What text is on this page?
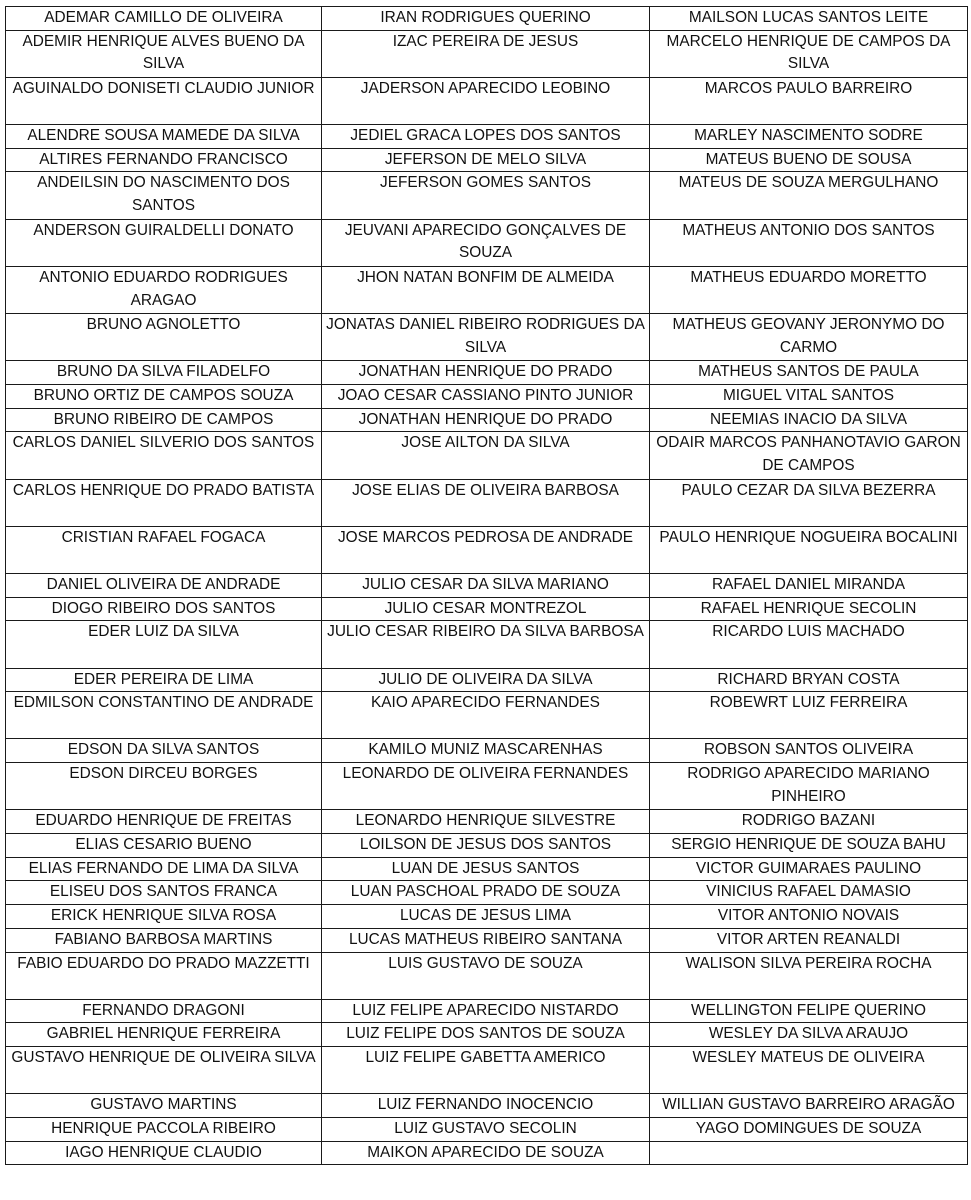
ADEMAR CAMILLO DE OLIVEIRA	IRAN RODRIGUES QUERINO	MAILSON LUCAS SANTOS LEITE
ADEMIR HENRIQUE ALVES BUENO DA SILVA	IZAC PEREIRA DE JESUS	MARCELO HENRIQUE DE CAMPOS DA SILVA
AGUINALDO DONISETI CLAUDIO JUNIOR	JADERSON APARECIDO LEOBINO	MARCOS PAULO BARREIRO
ALENDRE SOUSA MAMEDE DA SILVA	JEDIEL GRACA LOPES DOS SANTOS	MARLEY NASCIMENTO SODRE
ALTIRES FERNANDO FRANCISCO	JEFERSON DE MELO SILVA	MATEUS BUENO DE SOUSA
ANDEILSIN DO NASCIMENTO DOS SANTOS	JEFERSON GOMES SANTOS	MATEUS DE SOUZA MERGULHANO
ANDERSON GUIRALDELLI DONATO	JEUVANI APARECIDO GONÇALVES DE SOUZA	MATHEUS ANTONIO DOS SANTOS
ANTONIO EDUARDO RODRIGUES ARAGAO	JHON NATAN BONFIM DE ALMEIDA	MATHEUS EDUARDO MORETTO
BRUNO AGNOLETTO	JONATAS DANIEL RIBEIRO RODRIGUES DA SILVA	MATHEUS GEOVANY JERONYMO DO CARMO
BRUNO DA SILVA FILADELFO	JONATHAN HENRIQUE DO PRADO	MATHEUS SANTOS DE PAULA
BRUNO ORTIZ DE CAMPOS SOUZA	JOAO CESAR CASSIANO PINTO JUNIOR	MIGUEL VITAL SANTOS
BRUNO RIBEIRO DE CAMPOS	JONATHAN HENRIQUE DO PRADO	NEEMIAS INACIO DA SILVA
CARLOS DANIEL SILVERIO DOS SANTOS	JOSE AILTON DA SILVA	ODAIR MARCOS PANHANOTAVIO GARON DE CAMPOS
CARLOS HENRIQUE DO PRADO BATISTA	JOSE ELIAS DE OLIVEIRA BARBOSA	PAULO CEZAR DA SILVA BEZERRA
CRISTIAN RAFAEL FOGACA	JOSE MARCOS PEDROSA DE ANDRADE	PAULO HENRIQUE NOGUEIRA BOCALINI
DANIEL OLIVEIRA DE ANDRADE	JULIO CESAR DA SILVA MARIANO	RAFAEL DANIEL MIRANDA
DIOGO RIBEIRO DOS SANTOS	JULIO CESAR MONTREZOL	RAFAEL HENRIQUE SECOLIN
EDER LUIZ DA SILVA	JULIO CESAR RIBEIRO DA SILVA BARBOSA	RICARDO LUIS MACHADO
EDER PEREIRA DE LIMA	JULIO DE OLIVEIRA DA SILVA	RICHARD BRYAN COSTA
EDMILSON CONSTANTINO DE ANDRADE	KAIO APARECIDO FERNANDES	ROBEWRT LUIZ FERREIRA
EDSON DA SILVA SANTOS	KAMILO MUNIZ MASCARENHAS	ROBSON SANTOS OLIVEIRA
EDSON DIRCEU BORGES	LEONARDO DE OLIVEIRA FERNANDES	RODRIGO APARECIDO MARIANO PINHEIRO
EDUARDO HENRIQUE DE FREITAS	LEONARDO HENRIQUE SILVESTRE	RODRIGO BAZANI
ELIAS CESARIO BUENO	LOILSON DE JESUS DOS SANTOS	SERGIO HENRIQUE DE SOUZA BAHU
ELIAS FERNANDO DE LIMA DA SILVA	LUAN DE JESUS SANTOS	VICTOR GUIMARAES PAULINO
ELISEU DOS SANTOS FRANCA	LUAN PASCHOAL PRADO DE SOUZA	VINICIUS RAFAEL DAMASIO
ERICK HENRIQUE SILVA ROSA	LUCAS DE JESUS LIMA	VITOR ANTONIO NOVAIS
FABIANO BARBOSA MARTINS	LUCAS MATHEUS RIBEIRO SANTANA	VITOR ARTEN REANALDI
FABIO EDUARDO DO PRADO MAZZETTI	LUIS GUSTAVO DE SOUZA	WALISON SILVA PEREIRA ROCHA
FERNANDO DRAGONI	LUIZ FELIPE APARECIDO NISTARDO	WELLINGTON FELIPE QUERINO
GABRIEL HENRIQUE FERREIRA	LUIZ FELIPE DOS SANTOS DE SOUZA	WESLEY DA SILVA ARAUJO
GUSTAVO HENRIQUE DE OLIVEIRA SILVA	LUIZ FELIPE GABETTA AMERICO	WESLEY MATEUS DE OLIVEIRA
GUSTAVO MARTINS	LUIZ FERNANDO INOCENCIO	WILLIAN GUSTAVO BARREIRO ARAGÃO
HENRIQUE PACCOLA RIBEIRO	LUIZ GUSTAVO SECOLIN	YAGO DOMINGUES DE SOUZA
IAGO HENRIQUE CLAUDIO	MAIKON APARECIDO DE SOUZA	
